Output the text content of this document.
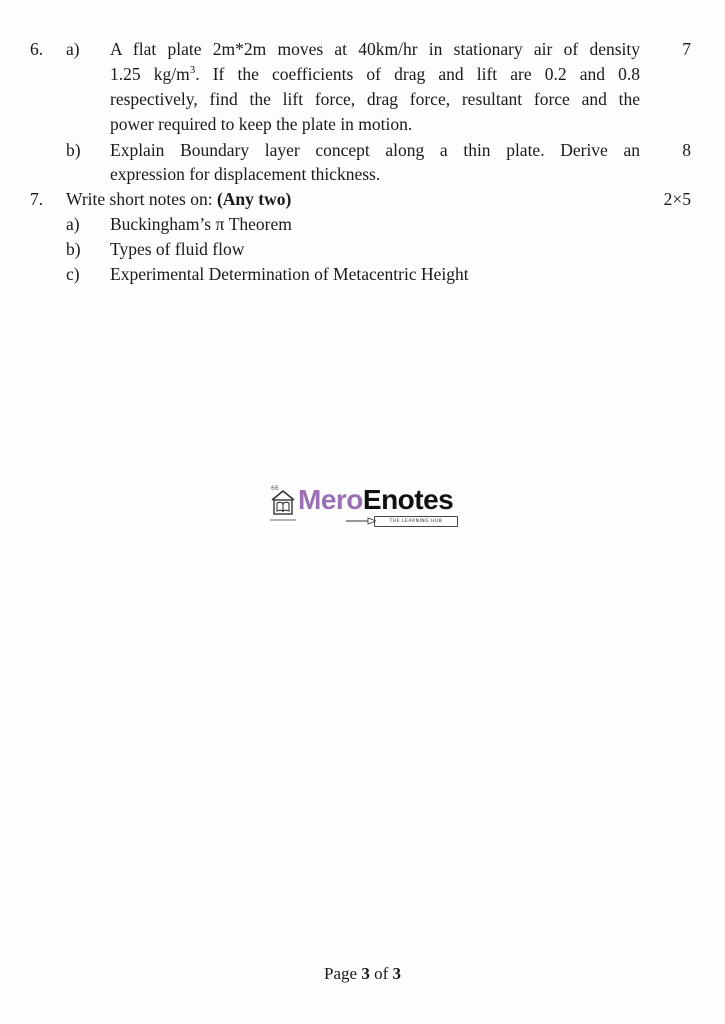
6. a)	7
A flat plate 2m*2m moves at 40km/hr in stationary air of density
1.25 $kg/m^3$. If the coefficients of drag and lift are 0.2 and 0.8
respectively, find the lift force, drag force, resultant force and the
power required to keep the plate in motion.
b)	8
Explain Boundary layer concept along a thin plate. Derive an
expression for displacement thickness.
7. Write short notes on: (Any two)	2×5
a) Buckingham’s π Theorem
b) Types of fluid flow
c) Experimental Determination of Metacentric Height
66 MeroEnotes
THE LEARNING HUB
Page 3 of 3
